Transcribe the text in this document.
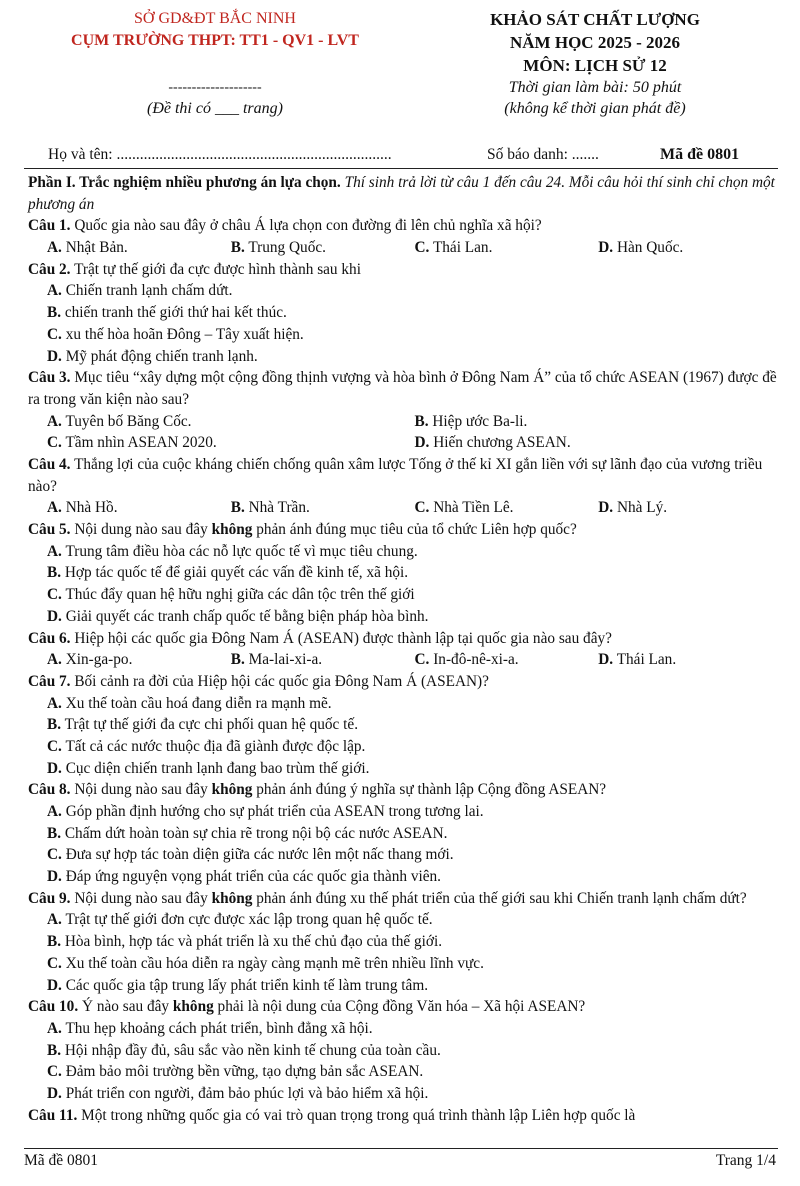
SỞ GD&ĐT BẮC NINH
CỤM TRƯỜNG THPT: TT1 - QV1 - LVT
--------------------
(Đề thi có ___ trang)
KHẢO SÁT CHẤT LƯỢNG
NĂM HỌC 2025 - 2026
MÔN: LỊCH SỬ 12
Thời gian làm bài: 50 phút
(không kể thời gian phát đề)
Họ và tên: .......................................................................	Số báo danh: .......	Mã đề 0801
Phần I. Trắc nghiệm nhiều phương án lựa chọn. Thí sinh trả lời từ câu 1 đến câu 24. Mỗi câu hỏi thí sinh chỉ chọn một phương án
Câu 1. Quốc gia nào sau đây ở châu Á lựa chọn con đường đi lên chủ nghĩa xã hội?
A. Nhật Bản.	B. Trung Quốc.	C. Thái Lan.	D. Hàn Quốc.
Câu 2. Trật tự thế giới đa cực được hình thành sau khi
A. Chiến tranh lạnh chấm dứt.
B. chiến tranh thế giới thứ hai kết thúc.
C. xu thế hòa hoãn Đông – Tây xuất hiện.
D. Mỹ phát động chiến tranh lạnh.
Câu 3. Mục tiêu “xây dựng một cộng đồng thịnh vượng và hòa bình ở Đông Nam Á” của tổ chức ASEAN (1967) được đề ra trong văn kiện nào sau?
A. Tuyên bố Băng Cốc.	B. Hiệp ước Ba-li.
C. Tầm nhìn ASEAN 2020.	D. Hiến chương ASEAN.
Câu 4. Thắng lợi của cuộc kháng chiến chống quân xâm lược Tống ở thế kỉ XI gắn liền với sự lãnh đạo của vương triều nào?
A. Nhà Hồ.	B. Nhà Trần.	C. Nhà Tiền Lê.	D. Nhà Lý.
Câu 5. Nội dung nào sau đây không phản ánh đúng mục tiêu của tổ chức Liên hợp quốc?
A. Trung tâm điều hòa các nỗ lực quốc tế vì mục tiêu chung.
B. Hợp tác quốc tế để giải quyết các vấn đề kinh tế, xã hội.
C. Thúc đẩy quan hệ hữu nghị giữa các dân tộc trên thế giới
D. Giải quyết các tranh chấp quốc tế bằng biện pháp hòa bình.
Câu 6. Hiệp hội các quốc gia Đông Nam Á (ASEAN) được thành lập tại quốc gia nào sau đây?
A. Xin-ga-po.	B. Ma-lai-xi-a.	C. In-đô-nê-xi-a.	D. Thái Lan.
Câu 7. Bối cảnh ra đời của Hiệp hội các quốc gia Đông Nam Á (ASEAN)?
A. Xu thế toàn cầu hoá đang diễn ra mạnh mẽ.
B. Trật tự thế giới đa cực chi phối quan hệ quốc tế.
C. Tất cả các nước thuộc địa đã giành được độc lập.
D. Cục diện chiến tranh lạnh đang bao trùm thế giới.
Câu 8. Nội dung nào sau đây không phản ánh đúng ý nghĩa sự thành lập Cộng đồng ASEAN?
A. Góp phần định hướng cho sự phát triển của ASEAN trong tương lai.
B. Chấm dứt hoàn toàn sự chia rẽ trong nội bộ các nước ASEAN.
C. Đưa sự hợp tác toàn diện giữa các nước lên một nấc thang mới.
D. Đáp ứng nguyện vọng phát triển của các quốc gia thành viên.
Câu 9. Nội dung nào sau đây không phản ánh đúng xu thế phát triển của thế giới sau khi Chiến tranh lạnh chấm dứt?
A. Trật tự thế giới đơn cực được xác lập trong quan hệ quốc tế.
B. Hòa bình, hợp tác và phát triển là xu thế chủ đạo của thế giới.
C. Xu thế toàn cầu hóa diễn ra ngày càng mạnh mẽ trên nhiều lĩnh vực.
D. Các quốc gia tập trung lấy phát triển kinh tế làm trung tâm.
Câu 10. Ý nào sau đây không phải là nội dung của Cộng đồng Văn hóa – Xã hội ASEAN?
A. Thu hẹp khoảng cách phát triển, bình đẳng xã hội.
B. Hội nhập đầy đủ, sâu sắc vào nền kinh tế chung của toàn cầu.
C. Đảm bảo môi trường bền vững, tạo dựng bản sắc ASEAN.
D. Phát triển con người, đảm bảo phúc lợi và bảo hiểm xã hội.
Câu 11. Một trong những quốc gia có vai trò quan trọng trong quá trình thành lập Liên hợp quốc là
Mã đề 0801	Trang 1/4
